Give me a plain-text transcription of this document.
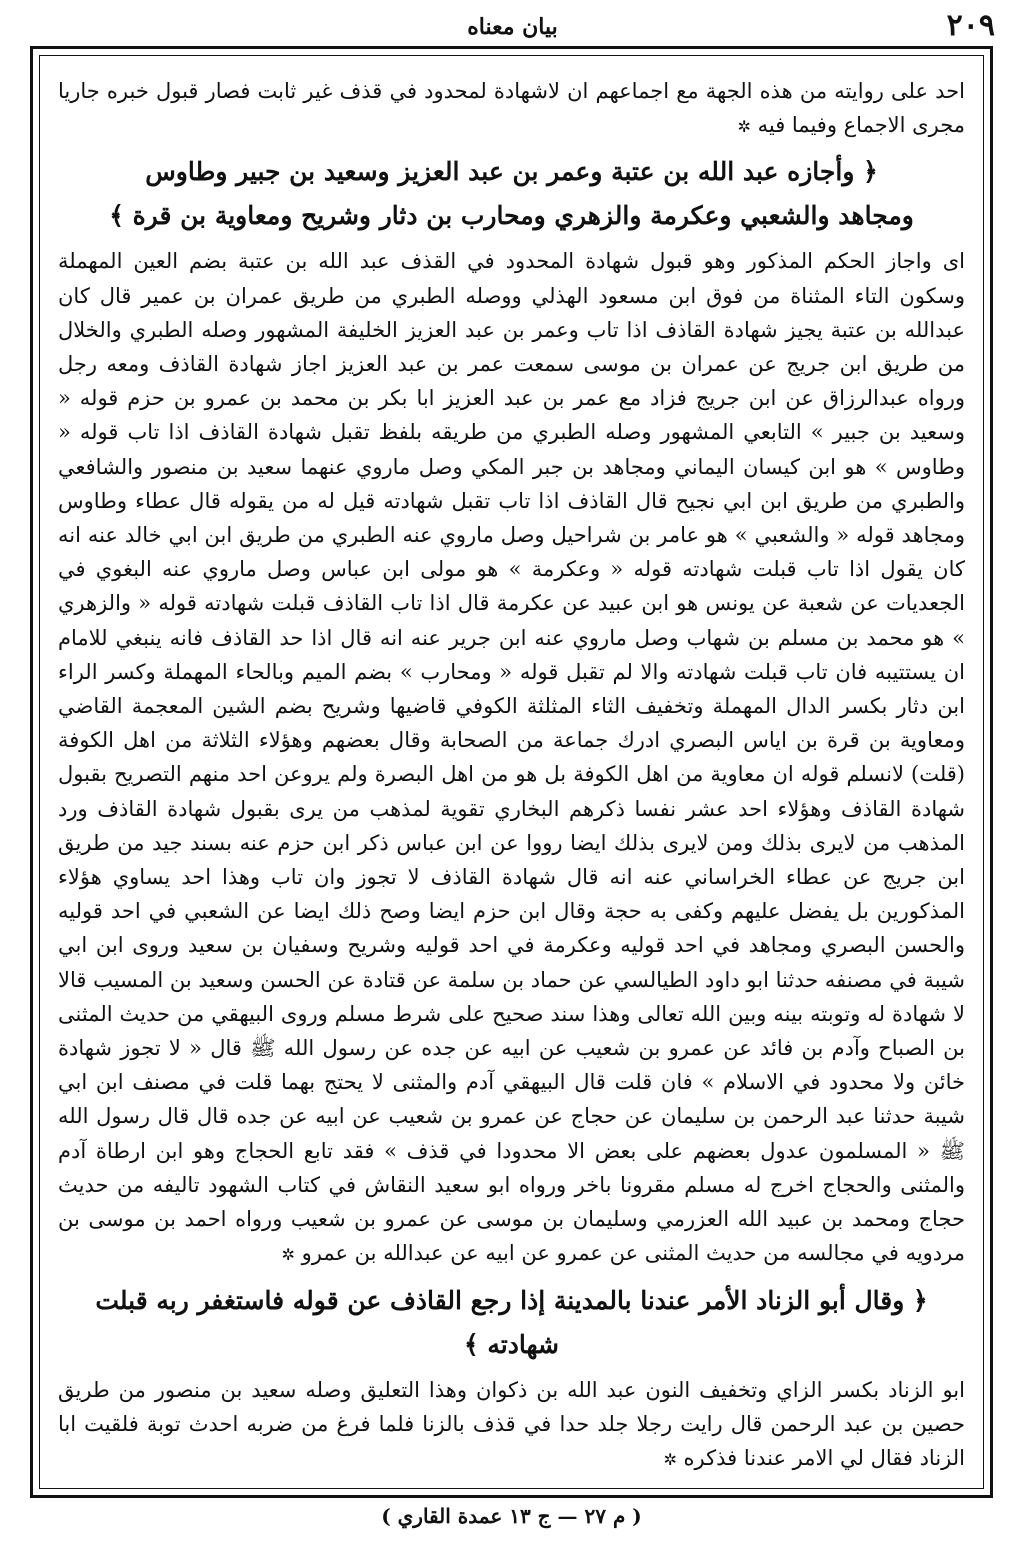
٢٠٩
بيان معناه

احد على روايته من هذه الجهة مع اجماعهم ان لاشهادة لمحدود في قذف غير ثابت فصار قبول خبره جاريا مجرى الاجماع وفيما فيه ✲

﴿ وأجازه عبد الله بن عتبة وعمر بن عبد العزيز وسعيد بن جبير وطاوس
ومجاهد والشعبي وعكرمة والزهري ومحارب بن دثار وشريح ومعاوية بن قرة ﴾

اى واجاز الحكم المذكور وهو قبول شهادة المحدود في القذف عبد الله بن عتبة بضم العين المهملة وسكون التاء المثناة من فوق ابن مسعود الهذلي ووصله الطبري من طريق عمران بن عمير قال كان عبدالله بن عتبة يجيز شهادة القاذف اذا تاب وعمر بن عبد العزيز الخليفة المشهور وصله الطبري والخلال من طريق ابن جريج عن عمران بن موسى سمعت عمر بن عبد العزيز اجاز شهادة القاذف ومعه رجل ورواه عبدالرزاق عن ابن جريج فزاد مع عمر بن عبد العزيز ابا بكر بن محمد بن عمرو بن حزم قوله « وسعيد بن جبير » التابعي المشهور وصله الطبري من طريقه بلفظ تقبل شهادة القاذف اذا تاب قوله « وطاوس » هو ابن كيسان اليماني ومجاهد بن جبر المكي وصل ماروي عنهما سعيد بن منصور والشافعي والطبري من طريق ابن ابي نجيح قال القاذف اذا تاب تقبل شهادته قيل له من يقوله قال عطاء وطاوس ومجاهد قوله « والشعبي » هو عامر بن شراحيل وصل ماروي عنه الطبري من طريق ابن ابي خالد عنه انه كان يقول اذا تاب قبلت شهادته قوله « وعكرمة » هو مولى ابن عباس وصل ماروي عنه البغوي في الجعديات عن شعبة عن يونس هو ابن عبيد عن عكرمة قال اذا تاب القاذف قبلت شهادته قوله « والزهري » هو محمد بن مسلم بن شهاب وصل ماروي عنه ابن جرير عنه انه قال اذا حد القاذف فانه ينبغي للامام ان يستتيبه فان تاب قبلت شهادته والا لم تقبل قوله « ومحارب » بضم الميم وبالحاء المهملة وكسر الراء ابن دثار بكسر الدال المهملة وتخفيف الثاء المثلثة الكوفي قاضيها وشريح بضم الشين المعجمة القاضي ومعاوية بن قرة بن اياس البصري ادرك جماعة من الصحابة وقال بعضهم وهؤلاء الثلاثة من اهل الكوفة (قلت) لانسلم قوله ان معاوية من اهل الكوفة بل هو من اهل البصرة ولم يروعن احد منهم التصريح بقبول شهادة القاذف وهؤلاء احد عشر نفسا ذكرهم البخاري تقوية لمذهب من يرى بقبول شهادة القاذف ورد المذهب من لايرى بذلك ومن لايرى بذلك ايضا رووا عن ابن عباس ذكر ابن حزم عنه بسند جيد من طريق ابن جريج عن عطاء الخراساني عنه انه قال شهادة القاذف لا تجوز وان تاب وهذا احد يساوي هؤلاء المذكورين بل يفضل عليهم وكفى به حجة وقال ابن حزم ايضا وصح ذلك ايضا عن الشعبي في احد قوليه والحسن البصري ومجاهد في احد قوليه وعكرمة في احد قوليه وشريح وسفيان بن سعيد وروى ابن ابي شيبة في مصنفه حدثنا ابو داود الطيالسي عن حماد بن سلمة عن قتادة عن الحسن وسعيد بن المسيب قالا لا شهادة له وتوبته بينه وبين الله تعالى وهذا سند صحيح على شرط مسلم وروى البيهقي من حديث المثنى بن الصباح وآدم بن فائد عن عمرو بن شعيب عن ابيه عن جده عن رسول الله ﷺ قال « لا تجوز شهادة خائن ولا محدود في الاسلام » فان قلت قال البيهقي آدم والمثنى لا يحتج بهما قلت في مصنف ابن ابي شيبة حدثنا عبد الرحمن بن سليمان عن حجاج عن عمرو بن شعيب عن ابيه عن جده قال قال رسول الله ﷺ « المسلمون عدول بعضهم على بعض الا محدودا في قذف » فقد تابع الحجاج وهو ابن ارطاة آدم والمثنى والحجاج اخرج له مسلم مقرونا باخر ورواه ابو سعيد النقاش في كتاب الشهود تاليفه من حديث حجاج ومحمد بن عبيد الله العزرمي وسليمان بن موسى عن عمرو بن شعيب ورواه احمد بن موسى بن مردويه في مجالسه من حديث المثنى عن عمرو عن ابيه عن عبدالله بن عمرو ✲

﴿ وقال أبو الزناد الأمر عندنا بالمدينة إذا رجع القاذف عن قوله فاستغفر ربه قبلت شهادته ﴾

ابو الزناد بكسر الزاي وتخفيف النون عبد الله بن ذكوان وهذا التعليق وصله سعيد بن منصور من طريق حصين بن عبد الرحمن قال رايت رجلا جلد حدا في قذف بالزنا فلما فرغ من ضربه احدث توبة فلقيت ابا الزناد فقال لي الامر عندنا فذكره ✲

( م ٢٧ — ج ١٣ عمدة القاري )
